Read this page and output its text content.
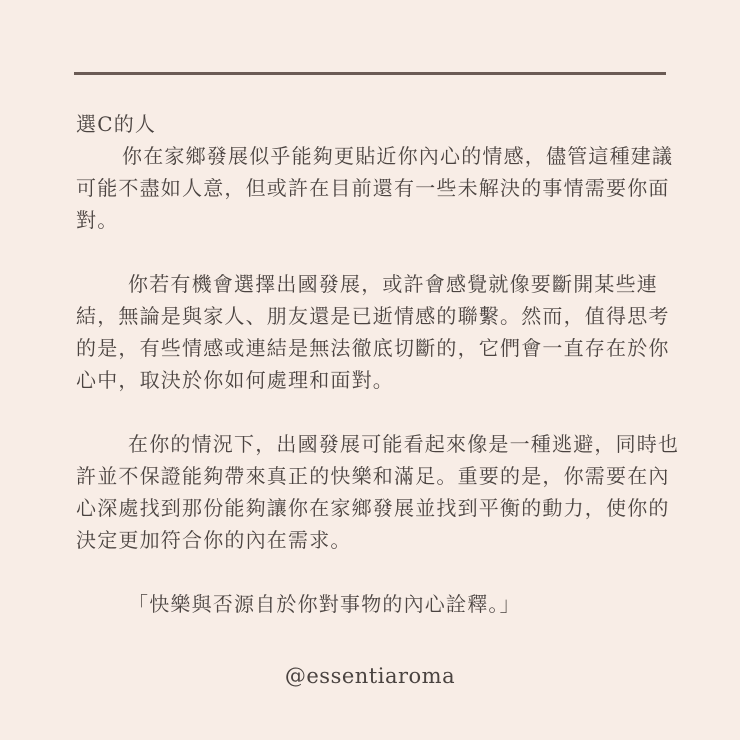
選C的人

你在家鄉發展似乎能夠更貼近你內心的情感，儘管這種建議可能不盡如人意，但或許在目前還有一些未解決的事情需要你面對。

你若有機會選擇出國發展，或許會感覺就像要斷開某些連結，無論是與家人、朋友還是已逝情感的聯繫。然而，值得思考的是，有些情感或連結是無法徹底切斷的，它們會一直存在於你心中，取決於你如何處理和面對。

在你的情況下，出國發展可能看起來像是一種逃避，同時也許並不保證能夠帶來真正的快樂和滿足。重要的是，你需要在內心深處找到那份能夠讓你在家鄉發展並找到平衡的動力，使你的決定更加符合你的內在需求。

「快樂與否源自於你對事物的內心詮釋。」

@essentiaroma
